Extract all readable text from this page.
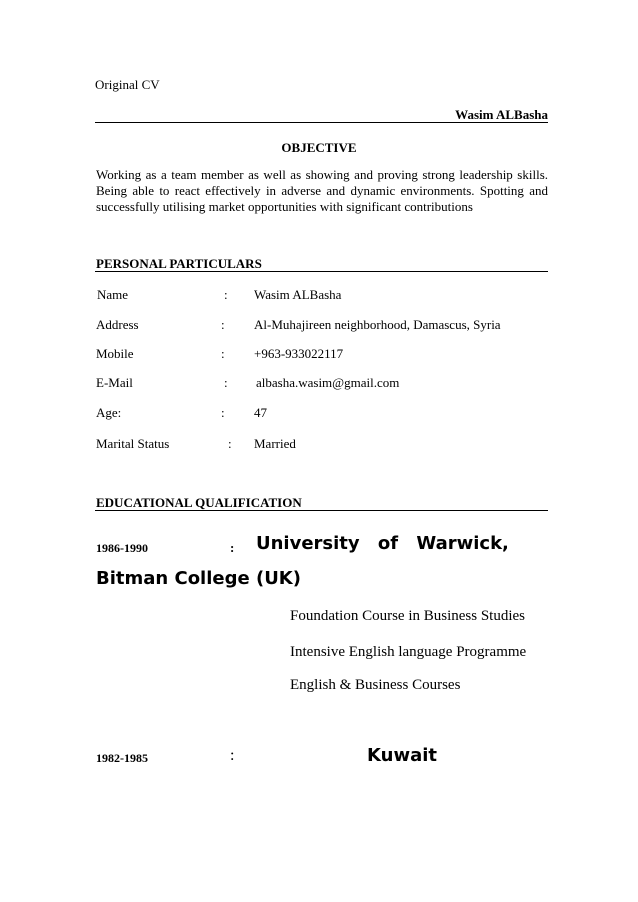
Original CV
Wasim ALBasha
OBJECTIVE
Working as a team member as well as showing and proving strong leadership skills.
Being able to react effectively in adverse and dynamic environments. Spotting and
successfully utilising market opportunities with significant contributions
PERSONAL PARTICULARS
Name	: Wasim ALBasha
Address	: Al-Muhajireen neighborhood, Damascus, Syria
Mobile	: +963-933022117
E-Mail	: albasha.wasim@gmail.com
Age:	: 47
Marital Status	: Married
EDUCATIONAL QUALIFICATION
1986-1990	: University of Warwick,
Bitman College (UK)
Foundation Course in Business Studies
Intensive English language Programme
English & Business Courses
1982-1985	:	Kuwait
